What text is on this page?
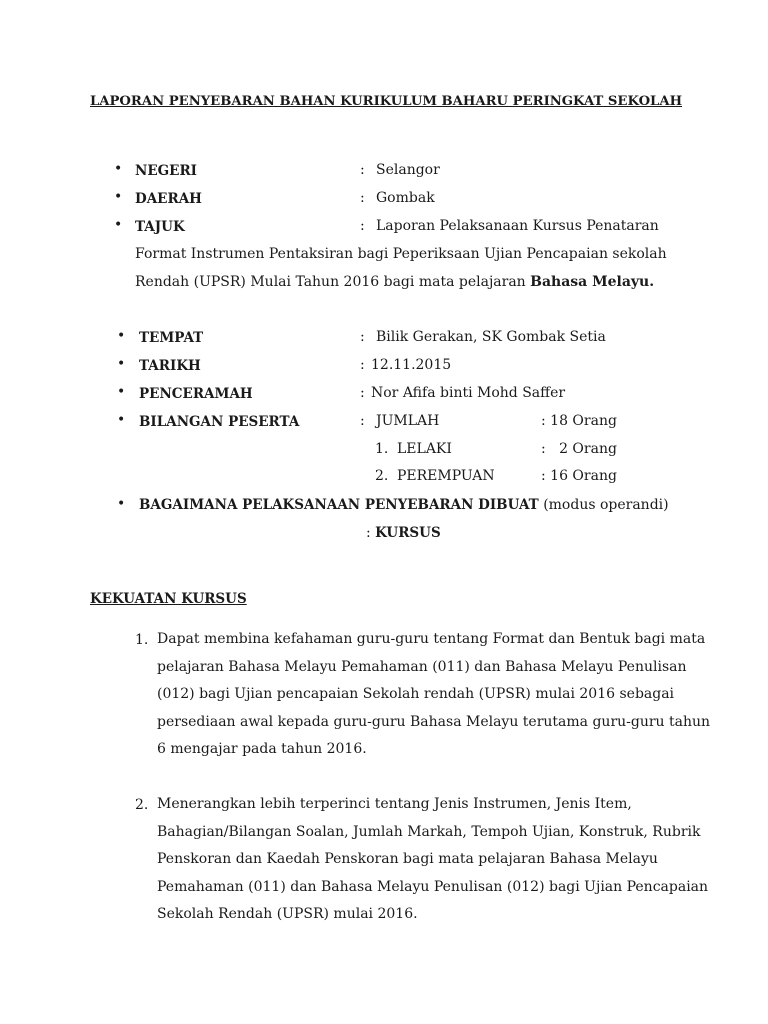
LAPORAN PENYEBARAN BAHAN KURIKULUM BAHARU PERINGKAT SEKOLAH
• NEGERI	: Selangor
• DAERAH	: Gombak
• TAJUK	: Laporan Pelaksanaan Kursus Penataran
Format Instrumen Pentaksiran bagi Peperiksaan Ujian Pencapaian sekolah
Rendah (UPSR) Mulai Tahun 2016 bagi mata pelajaran Bahasa Melayu.
• TEMPAT	: Bilik Gerakan, SK Gombak Setia
• TARIKH	: 12.11.2015
• PENCERAMAH	: Nor Afifa binti Mohd Saffer
• BILANGAN PESERTA	: JUMLAH	: 18 Orang
1. LELAKI	:   2 Orang
2. PEREMPUAN	: 16 Orang
• BAGAIMANA PELAKSANAAN PENYEBARAN DIBUAT (modus operandi)
: KURSUS
KEKUATAN KURSUS
1. Dapat membina kefahaman guru-guru tentang Format dan Bentuk bagi mata pelajaran Bahasa Melayu Pemahaman (011) dan Bahasa Melayu Penulisan (012) bagi Ujian pencapaian Sekolah rendah (UPSR) mulai 2016 sebagai persediaan awal kepada guru-guru Bahasa Melayu terutama guru-guru tahun 6 mengajar pada tahun 2016.
2. Menerangkan lebih terperinci tentang Jenis Instrumen, Jenis Item, Bahagian/Bilangan Soalan, Jumlah Markah, Tempoh Ujian, Konstruk, Rubrik Penskoran dan Kaedah Penskoran bagi mata pelajaran Bahasa Melayu Pemahaman (011) dan Bahasa Melayu Penulisan (012) bagi Ujian Pencapaian Sekolah Rendah (UPSR) mulai 2016.
